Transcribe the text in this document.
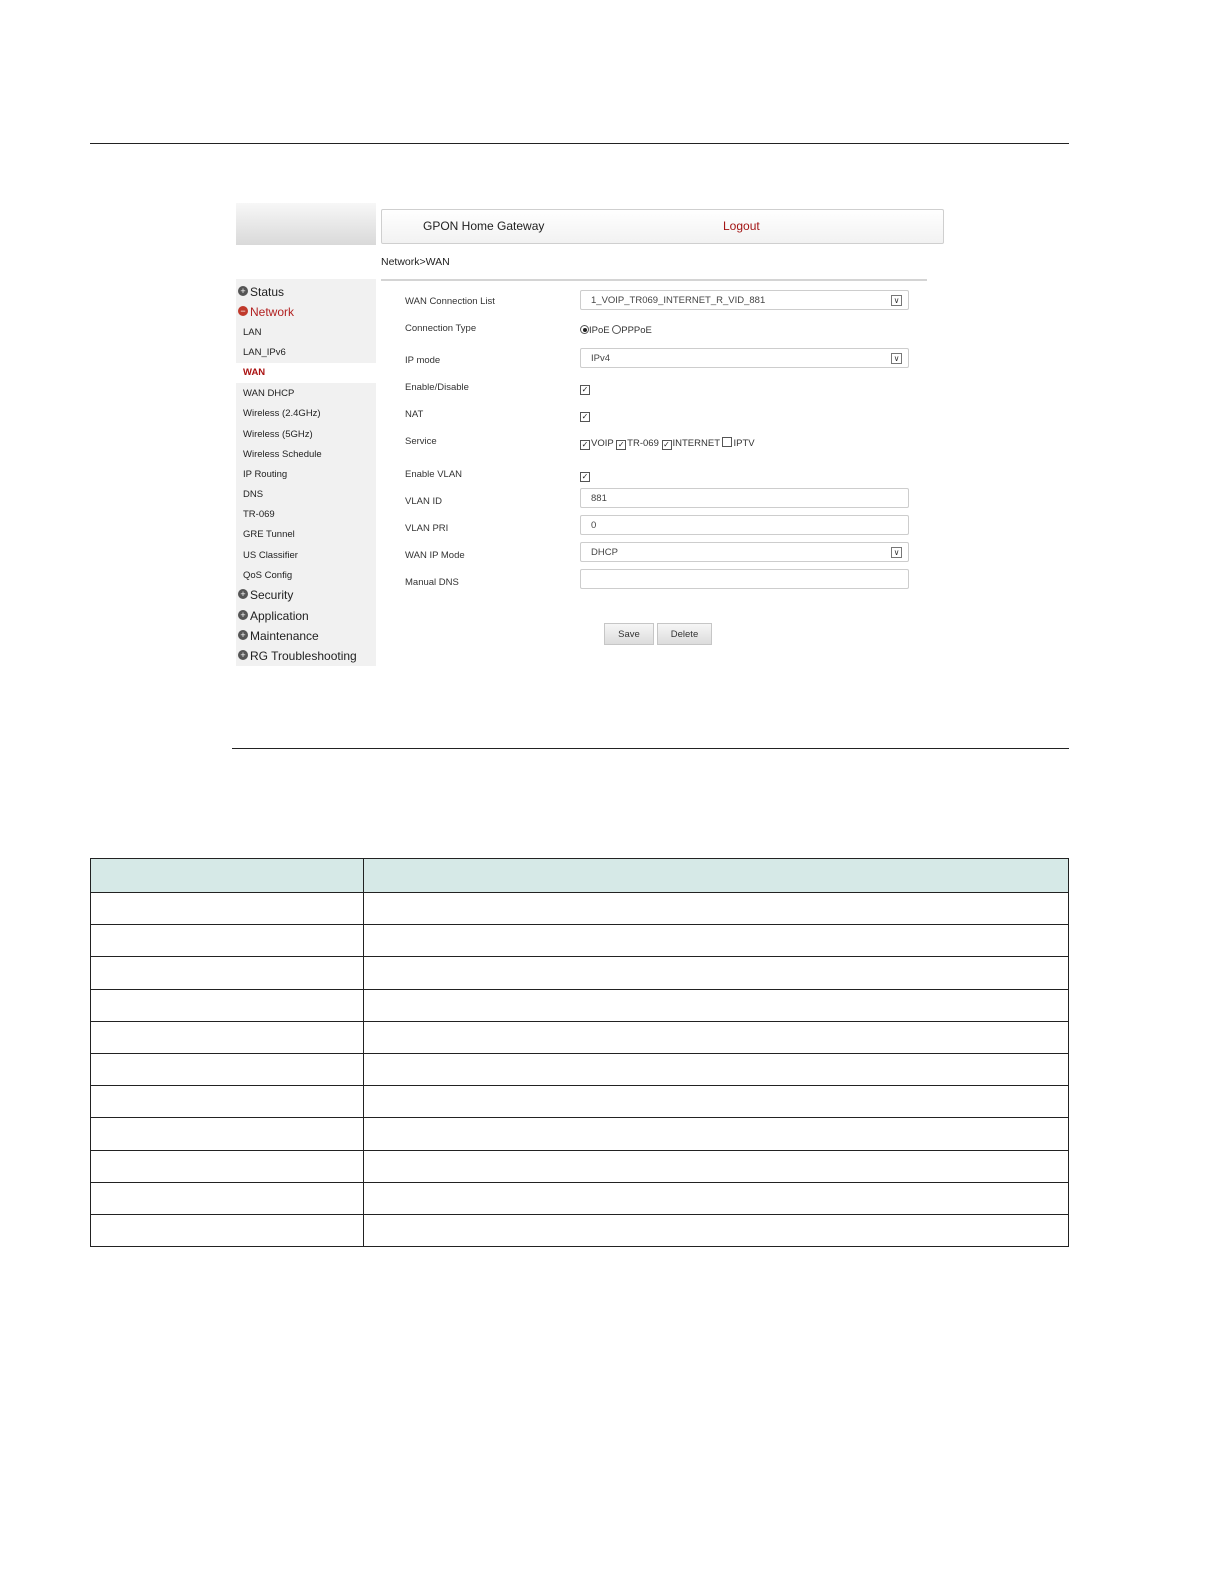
+ Status
− Network
LAN
LAN_IPv6
WAN
WAN DHCP
Wireless (2.4GHz)
Wireless (5GHz)
Wireless Schedule
IP Routing
DNS
TR-069
GRE Tunnel
US Classifier
QoS Config
+ Security
+ Application
+ Maintenance
+ RG Troubleshooting
GPON Home Gateway	Logout
Network>WAN
WAN Connection List	1_VOIP_TR069_INTERNET_R_VID_881	∨
Connection Type	IPoE PPPoE
IP mode	IPv4	∨
Enable/Disable	✓
NAT	✓
Service	✓ VOIP ✓ TR-069 ✓ INTERNET IPTV
Enable VLAN	✓
VLAN ID	881
VLAN PRI	0
WAN IP Mode	DHCP	∨
Manual DNS
Save	Delete
